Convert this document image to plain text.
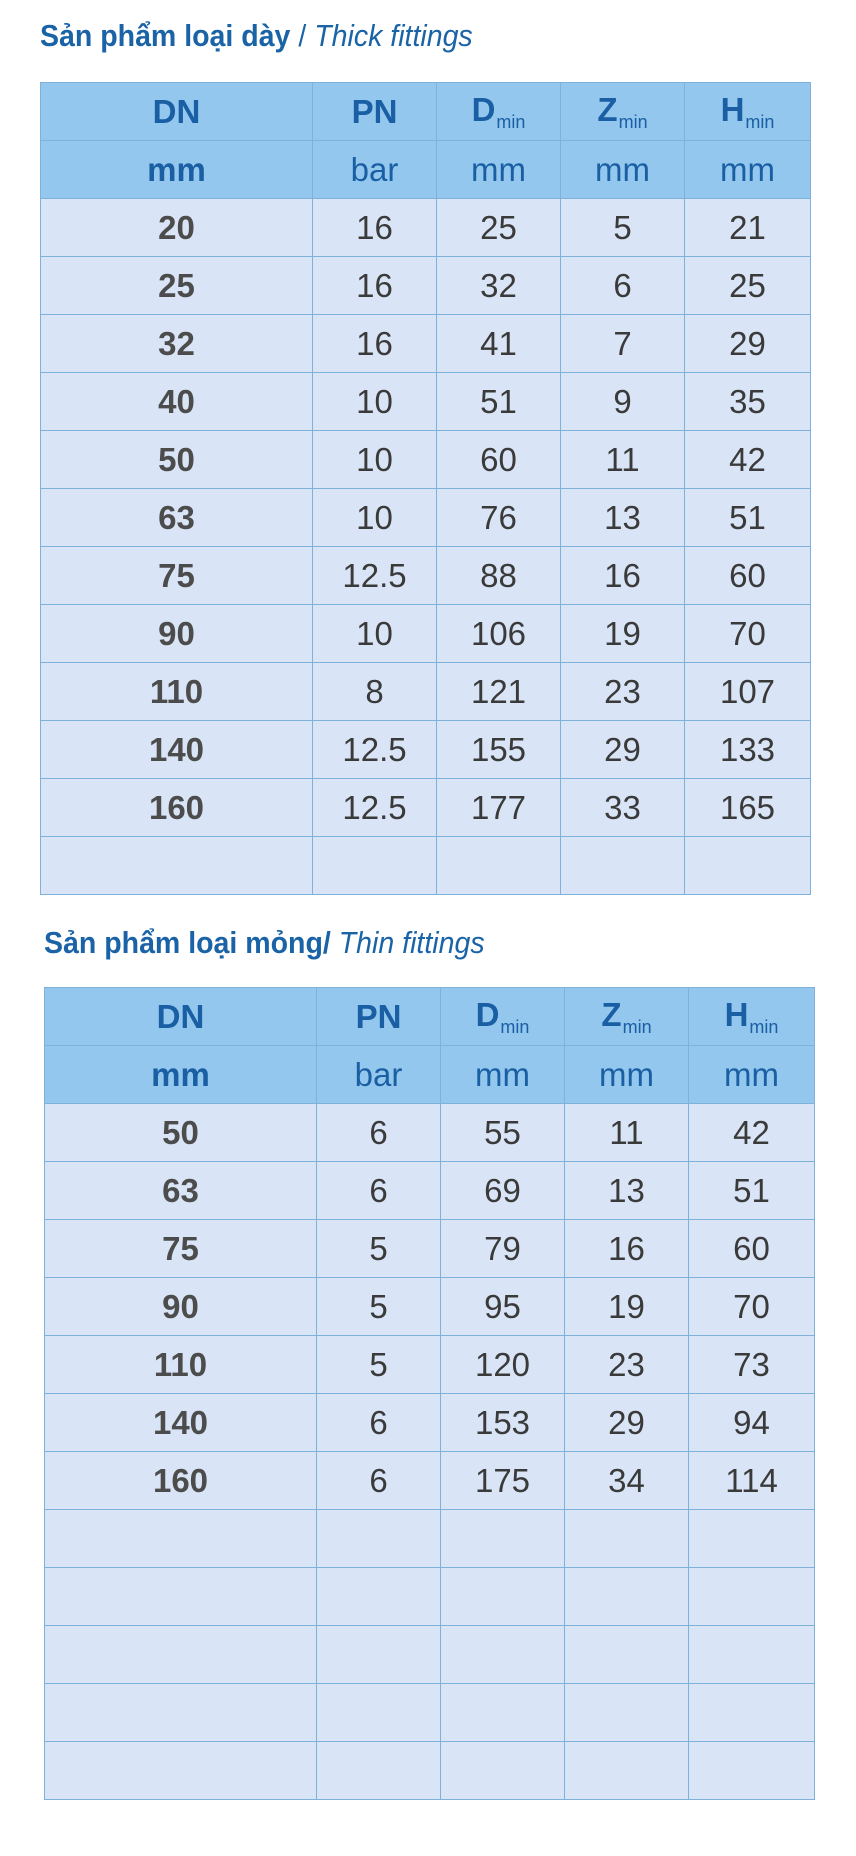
Sản phẩm loại dày / Thick fittings
DN	PN	$D_{min}$	$Z_{min}$	$H_{min}$
mm	bar	mm	mm	mm
20	16	25	5	21
25	16	32	6	25
32	16	41	7	29
40	10	51	9	35
50	10	60	11	42
63	10	76	13	51
75	12.5	88	16	60
90	10	106	19	70
110	8	121	23	107
140	12.5	155	29	133
160	12.5	177	33	165

Sản phẩm loại mỏng/ Thin fittings
DN	PN	$D_{min}$	$Z_{min}$	$H_{min}$
mm	bar	mm	mm	mm
50	6	55	11	42
63	6	69	13	51
75	5	79	16	60
90	5	95	19	70
110	5	120	23	73
140	6	153	29	94
160	6	175	34	114
